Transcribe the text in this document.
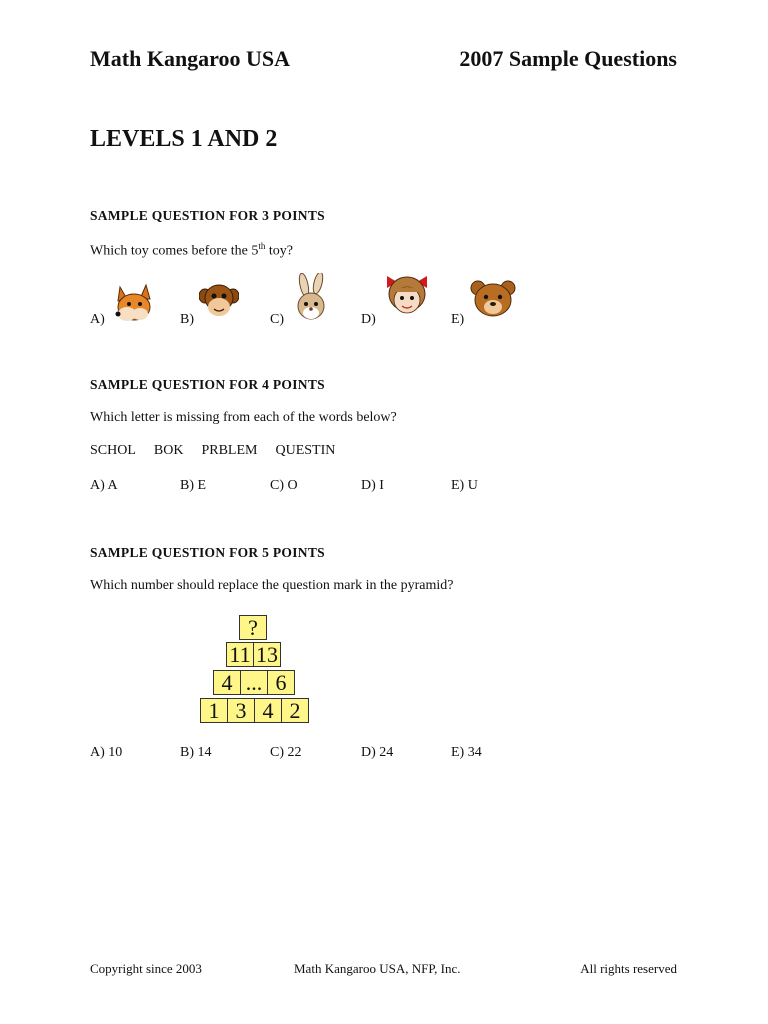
Math Kangaroo USA	2007 Sample Questions
LEVELS 1 AND 2
SAMPLE QUESTION FOR 3 POINTS
Which toy comes before the 5th toy?
A)	B)	C)	D)	E)
SAMPLE QUESTION FOR 4 POINTS
Which letter is missing from each of the words below?
SCHOL BOK PRBLEM QUESTIN
A) A	B) E	C) O	D) I	E) U
SAMPLE QUESTION FOR 5 POINTS
Which number should replace the question mark in the pyramid?
?
11 13
4 ... 6
1 3 4 2
A) 10	B) 14	C) 22	D) 24	E) 34
Copyright since 2003	Math Kangaroo USA, NFP, Inc.	All rights reserved
